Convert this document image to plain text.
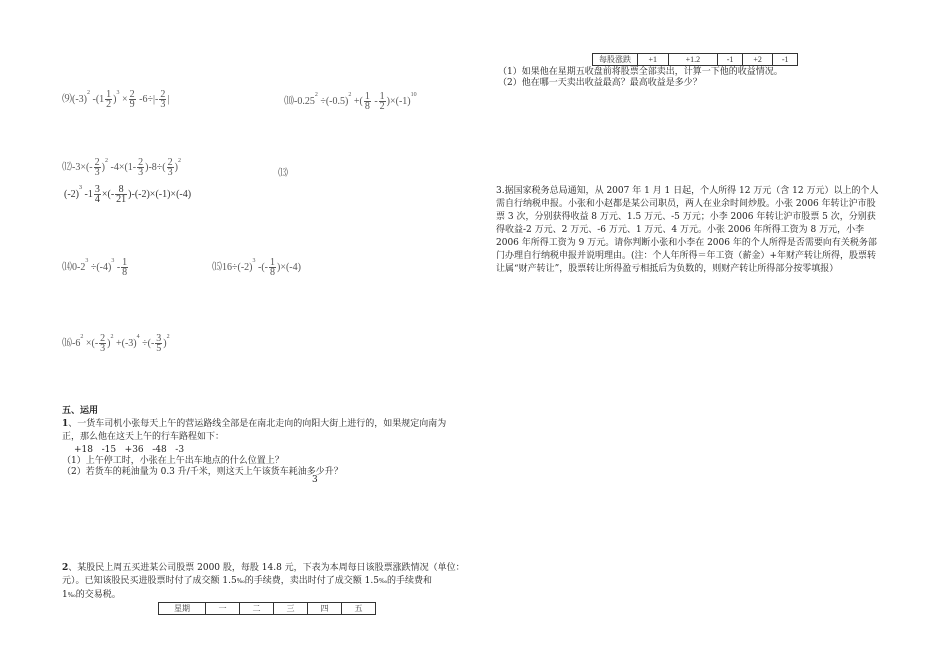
$⑼(-3)^2$ $-(1 \frac{1}{2} )^3 \times \frac{2}{9} -6\div|- \frac{2}{3}$ |	$⑽-0.25^2 \div(-0.5)^2$ +( $\frac{1}{8} - \frac{1}{2} )\times(-1)^{10}$
⑿-3×(- $\frac{2}{3} )^2$ $-4\times(1- \frac{2}{3} )-8\div( \frac{2}{3} )^2$
⒀
$(-2)^3$ $-1 \frac{3}{4}$ ×(- $\frac{8}{21} )-(-2)\times(-1)\times(-4)$
$⒁0-2^3 \div(-4)^3 - \frac{1}{8}$	$⒂16\div(-2)^3$ -(- $\frac{1}{8} )\times(-4)$
$⒃-6^2$ ×(- $\frac{2}{3} )^2 +(-3)^4$ ÷(- $\frac{3}{5} )^2$
五、运用
1、一货车司机小张每天上午的营运路线全部是在南北走向的向阳大街上进行的，如果规定向南为
正，那么他在这天上午的行车路程如下：
+18   -15   +36   -48   -3
（1）上午停工时，小张在上午出车地点的什么位置上？
（2）若货车的耗油量为 0.3 升/千米，则这天上午该货车耗油多少升？
3
2、某股民上周五买进某公司股票 2000 股，每股 14.8 元，下表为本周每日该股票涨跌情况（单位：
元）。已知该股民买进股票时付了成交额 1.5‰的手续费，卖出时付了成交额 1.5‰的手续费和
1‰的交易税。
星期	一	二	三	四	五
每股涨跌	+1	+1.2	-1	+2	-1
（1）如果他在星期五收盘前将股票全部卖出，计算一下他的收益情况。
（2）他在哪一天卖出收益最高？最高收益是多少？
3.据国家税务总局通知，从 2007 年 1 月 1 日起，个人所得 12 万元（含 12 万元）以上的个人需自行纳税申报。小张和小赵都是某公司职员，两人在业余时间炒股。小张 2006 年转让沪市股票 3 次，分别获得收益 8 万元、1.5 万元、-5 万元；小李 2006 年转让沪市股票 5 次，分别获得收益-2 万元、2 万元、-6 万元、1 万元、4 万元。小张 2006 年所得工资为 8 万元，小李 2006 年所得工资为 9 万元。请你判断小张和小李在 2006 年的个人所得是否需要向有关税务部门办理自行纳税申报并说明理由。(注：个人年所得＝年工资（薪金）+年财产转让所得，股票转让属“财产转让”，股票转让所得盈亏相抵后为负数的，则财产转让所得部分按零填报）
